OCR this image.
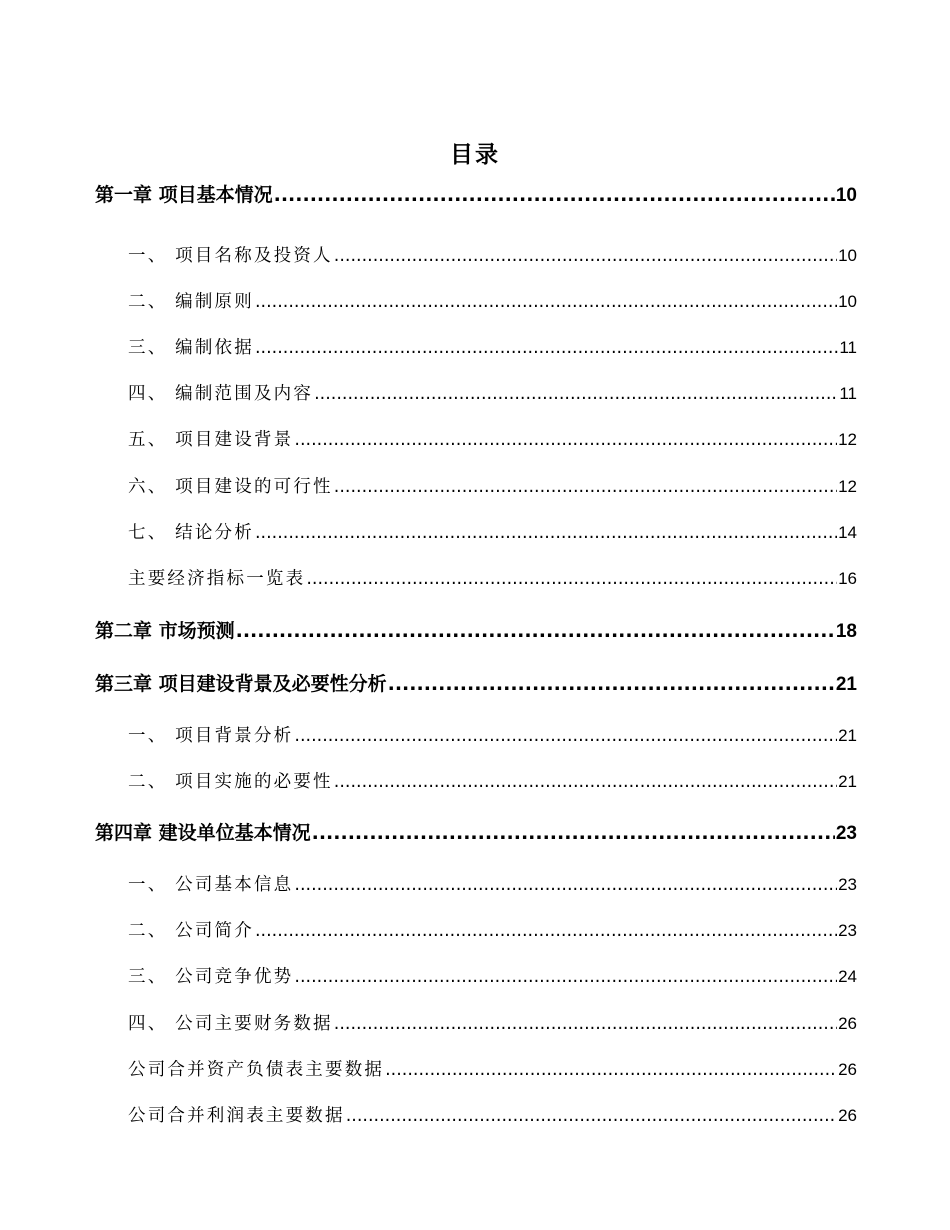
目录
第一章 项目基本情况 .....	10
一、 项目名称及投资人 .....	10
二、 编制原则 .....	10
三、 编制依据 .....	11
四、 编制范围及内容 .....	11
五、 项目建设背景 .....	12
六、 项目建设的可行性 .....	12
七、 结论分析 .....	14
主要经济指标一览表 .....	16
第二章 市场预测 .....	18
第三章 项目建设背景及必要性分析 .....	21
一、 项目背景分析 .....	21
二、 项目实施的必要性 .....	21
第四章 建设单位基本情况 .....	23
一、 公司基本信息 .....	23
二、 公司简介 .....	23
三、 公司竞争优势 .....	24
四、 公司主要财务数据 .....	26
公司合并资产负债表主要数据 .....	26
公司合并利润表主要数据 .....	26
